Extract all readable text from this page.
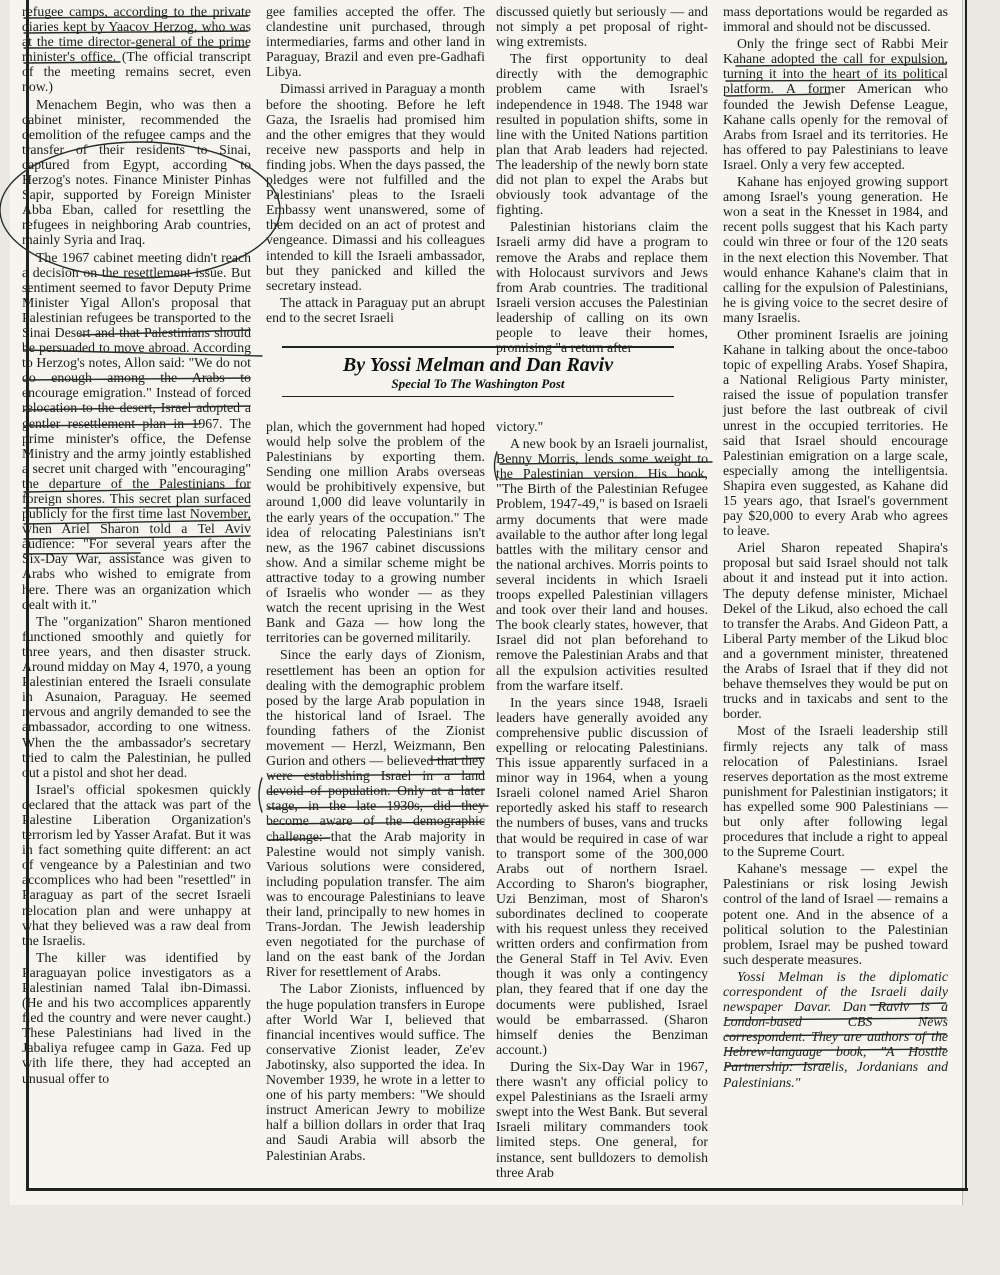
refugee camps, according to the private diaries kept by Yaacov Herzog, who was at the time director-general of the prime minister's office. (The official transcript of the meeting remains secret, even now.)

Menachem Begin, who was then a cabinet minister, recommended the demolition of the refugee camps and the transfer of their residents to Sinai, captured from Egypt, according to Herzog's notes. Finance Minister Pinhas Sapir, supported by Foreign Minister Abba Eban, called for resettling the refugees in neighboring Arab countries, mainly Syria and Iraq.

The 1967 cabinet meeting didn't reach a decision on the resettlement issue. But sentiment seemed to favor Deputy Prime Minister Yigal Allon's proposal that Palestinian refugees be transported to the Sinai Desert and that Palestinians should be persuaded to move abroad. According to Herzog's notes, Allon said: "We do not do enough among the Arabs to encourage emigration." Instead of forced relocation to the desert, Israel adopted a gentler resettlement plan in 1967. The prime minister's office, the Defense Ministry and the army jointly established a secret unit charged with "encouraging" the departure of the Palestinians for foreign shores. This secret plan surfaced publicly for the first time last November, when Ariel Sharon told a Tel Aviv audience: "For several years after the Six-Day War, assistance was given to Arabs who wished to emigrate from here. There was an organization which dealt with it."

The "organization" Sharon mentioned functioned smoothly and quietly for three years, and then disaster struck. Around midday on May 4, 1970, a young Palestinian entered the Israeli consulate in Asunaion, Paraguay. He seemed nervous and angrily demanded to see the ambassador, according to one witness. When the the ambassador's secretary tried to calm the Palestinian, he pulled out a pistol and shot her dead.

Israel's official spokesmen quickly declared that the attack was part of the Palestine Liberation Organization's terrorism led by Yasser Arafat. But it was in fact something quite different: an act of vengeance by a Palestinian and two accomplices who had been "resettled" in Paraguay as part of the secret Israeli relocation plan and were unhappy at what they believed was a raw deal from the Israelis.

The killer was identified by Paraguayan police investigators as a Palestinian named Talal ibn-Dimassi. (He and his two accomplices apparently fled the country and were never caught.) These Palestinians had lived in the Jabaliya refugee camp in Gaza. Fed up with life there, they had accepted an unusual offer to

gee families accepted the offer. The clandestine unit purchased, through intermediaries, farms and other land in Paraguay, Brazil and even pre-Gadhafi Libya.

Dimassi arrived in Paraguay a month before the shooting. Before he left Gaza, the Israelis had promised him and the other emigres that they would receive new passports and help in finding jobs. When the days passed, the pledges were not fulfilled and the Palestinians' pleas to the Israeli Embassy went unanswered, some of them decided on an act of protest and vengeance. Dimassi and his colleagues intended to kill the Israeli ambassador, but they panicked and killed the secretary instead.

The attack in Paraguay put an abrupt end to the secret Israeli

discussed quietly but seriously — and not simply a pet proposal of right-wing extremists.

The first opportunity to deal directly with the demographic problem came with Israel's independence in 1948. The 1948 war resulted in population shifts, some in line with the United Nations partition plan that Arab leaders had rejected. The leadership of the newly born state did not plan to expel the Arabs but obviously took advantage of the fighting.

Palestinian historians claim the Israeli army did have a program to remove the Arabs and replace them with Holocaust survivors and Jews from Arab countries. The traditional Israeli version accuses the Palestinian leadership of calling on its own people to leave their homes, promising "a return after

By Yossi Melman and Dan Raviv
Special To The Washington Post

plan, which the government had hoped would help solve the problem of the Palestinians by exporting them. Sending one million Arabs overseas would be prohibitively expensive, but around 1,000 did leave voluntarily in the early years of the occupation." The idea of relocating Palestinians isn't new, as the 1967 cabinet discussions show. And a similar scheme might be attractive today to a growing number of Israelis who wonder — as they watch the recent uprising in the West Bank and Gaza — how long the territories can be governed militarily.

Since the early days of Zionism, resettlement has been an option for dealing with the demographic problem posed by the large Arab population in the historical land of Israel. The founding fathers of the Zionist movement — Herzl, Weizmann, Ben Gurion and others — believed that they were establishing Israel in a land devoid of population. Only at a later stage, in the late 1930s, did they become aware of the demographic challenge: that the Arab majority in Palestine would not simply vanish. Various solutions were considered, including population transfer. The aim was to encourage Palestinians to leave their land, principally to new homes in Trans-Jordan. The Jewish leadership even negotiated for the purchase of land on the east bank of the Jordan River for resettlement of Arabs.

The Labor Zionists, influenced by the huge population transfers in Europe after World War I, believed that financial incentives would suffice. The conservative Zionist leader, Ze'ev Jabotinsky, also supported the idea. In November 1939, he wrote in a letter to one of his party members: "We should instruct American Jewry to mobilize half a billion dollars in order that Iraq and Saudi Arabia will absorb the Palestinian Arabs.

victory."

A new book by an Israeli journalist, Benny Morris, lends some weight to the Palestinian version. His book, "The Birth of the Palestinian Refugee Problem, 1947-49," is based on Israeli army documents that were made available to the author after long legal battles with the military censor and the national archives. Morris points to several incidents in which Israeli troops expelled Palestinian villagers and took over their land and houses. The book clearly states, however, that Israel did not plan beforehand to remove the Palestinian Arabs and that all the expulsion activities resulted from the warfare itself.

In the years since 1948, Israeli leaders have generally avoided any comprehensive public discussion of expelling or relocating Palestinians. This issue apparently surfaced in a minor way in 1964, when a young Israeli colonel named Ariel Sharon reportedly asked his staff to research the numbers of buses, vans and trucks that would be required in case of war to transport some of the 300,000 Arabs out of northern Israel. According to Sharon's biographer, Uzi Benziman, most of Sharon's subordinates declined to cooperate with his request unless they received written orders and confirmation from the General Staff in Tel Aviv. Even though it was only a contingency plan, they feared that if one day the documents were published, Israel would be embarrassed. (Sharon himself denies the Benziman account.)

During the Six-Day War in 1967, there wasn't any official policy to expel Palestinians as the Israeli army swept into the West Bank. But several Israeli military commanders took limited steps. One general, for instance, sent bulldozers to demolish three Arab

mass deportations would be regarded as immoral and should not be discussed.

Only the fringe sect of Rabbi Meir Kahane adopted the call for expulsion, turning it into the heart of its political platform. A former American who founded the Jewish Defense League, Kahane calls openly for the removal of Arabs from Israel and its territories. He has offered to pay Palestinians to leave Israel. Only a very few accepted.

Kahane has enjoyed growing support among Israel's young generation. He won a seat in the Knesset in 1984, and recent polls suggest that his Kach party could win three or four of the 120 seats in the next election this November. That would enhance Kahane's claim that in calling for the expulsion of Palestinians, he is giving voice to the secret desire of many Israelis.

Other prominent Israelis are joining Kahane in talking about the once-taboo topic of expelling Arabs. Yosef Shapira, a National Religious Party minister, raised the issue of population transfer just before the last outbreak of civil unrest in the occupied territories. He said that Israel should encourage Palestinian emigration on a large scale, especially among the intelligentsia. Shapira even suggested, as Kahane did 15 years ago, that Israel's government pay $20,000 to every Arab who agrees to leave.

Ariel Sharon repeated Shapira's proposal but said Israel should not talk about it and instead put it into action. The deputy defense minister, Michael Dekel of the Likud, also echoed the call to transfer the Arabs. And Gideon Patt, a Liberal Party member of the Likud bloc and a government minister, threatened the Arabs of Israel that if they did not behave themselves they would be put on trucks and in taxicabs and sent to the border.

Most of the Israeli leadership still firmly rejects any talk of mass relocation of Palestinians. Israel reserves deportation as the most extreme punishment for Palestinian instigators; it has expelled some 900 Palestinians — but only after following legal procedures that include a right to appeal to the Supreme Court.

Kahane's message — expel the Palestinians or risk losing Jewish control of the land of Israel — remains a potent one. And in the absence of a political solution to the Palestinian problem, Israel may be pushed toward such desperate measures.

Yossi Melman is the diplomatic correspondent of the Israeli daily newspaper Davar. Dan Raviv is a London-based CBS News correspondent. They are authors of the Hebrew-language book, "A Hostile Partnership: Israelis, Jordanians and Palestinians."
